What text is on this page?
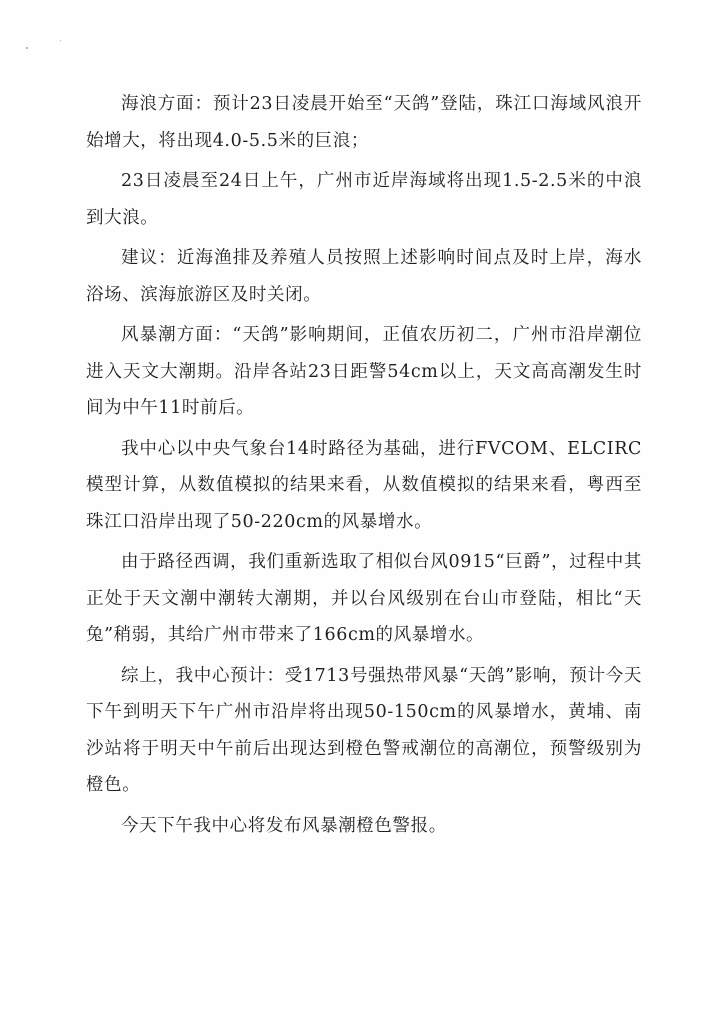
海浪方面：预计23日凌晨开始至“天鸽”登陆，珠江口海域风浪开始增大，将出现4.0-5.5米的巨浪；

23日凌晨至24日上午，广州市近岸海域将出现1.5-2.5米的中浪到大浪。

建议：近海渔排及养殖人员按照上述影响时间点及时上岸，海水浴场、滨海旅游区及时关闭。

风暴潮方面：“天鸽”影响期间，正值农历初二，广州市沿岸潮位进入天文大潮期。沿岸各站23日距警54cm以上，天文高高潮发生时间为中午11时前后。

我中心以中央气象台14时路径为基础，进行FVCOM、ELCIRC模型计算，从数值模拟的结果来看，从数值模拟的结果来看，粤西至珠江口沿岸出现了50-220cm的风暴增水。

由于路径西调，我们重新选取了相似台风0915“巨爵”，过程中其正处于天文潮中潮转大潮期，并以台风级别在台山市登陆，相比“天兔”稍弱，其给广州市带来了166cm的风暴增水。

综上，我中心预计：受1713号强热带风暴“天鸽”影响，预计今天下午到明天下午广州市沿岸将出现50-150cm的风暴增水，黄埔、南沙站将于明天中午前后出现达到橙色警戒潮位的高潮位，预警级别为橙色。

今天下午我中心将发布风暴潮橙色警报。
